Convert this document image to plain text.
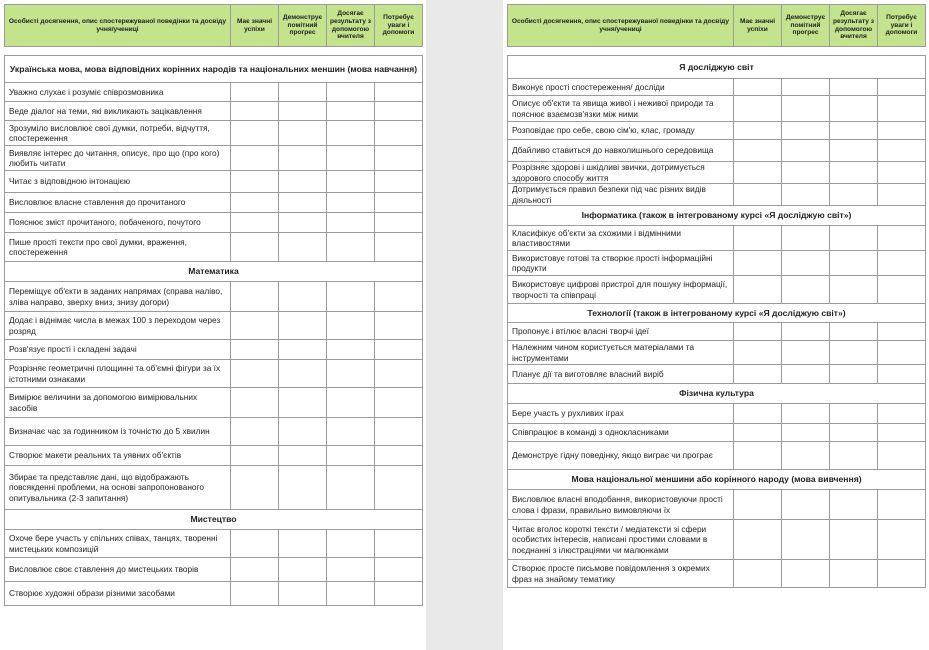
Особисті досягнення, опис спостережуваної поведінки та досвіду учня/учениці	Має значні успіхи	Демонструє помітний прогрес	Досягає результату з допомогою вчителя	Потребує уваги і допомоги
Українська мова, мова відповідних корінних народів та національних меншин (мова навчання)				
Уважно слухає і розуміє співрозмовника				
Веде діалог на теми, які викликають зацікавлення				
Зрозуміло висловлює свої думки, потреби, відчуття, спостереження				
Виявляє інтерес до читання, описує, про що (про кого) любить читати				
Читає з відповідною інтонацією				
Висловлює власне ставлення до прочитаного				
Пояснює зміст прочитаного, побаченого, почутого				
Пише прості тексти про свої думки, враження, спостереження				
Математика				
Переміщує об'єкти в заданих напрямах (справа наліво, зліва направо, зверху вниз, знизу догори)				
Додає і віднімає числа в межах 100 з переходом через розряд				
Розв'язує прості і складені задачі				
Розрізняє геометричні площинні та об'ємні фігури за їх істотними ознаками				
Вимірює величини за допомогою вимірювальних засобів				
Визначає час за годинником із точністю до 5 хвилин				
Створює макети реальних та уявних об'єктів				
Збирає та представляє дані, що відображають повсякденні проблеми, на основі запропонованого опитувальника (2-3 запитання)				
Мистецтво				
Охоче бере участь у спільних співах, танцях, творенні мистецьких композицій				
Висловлює своє ставлення до мистецьких творів				
Створює художні образи різними засобами				
Особисті досягнення, опис спостережуваної поведінки та досвіду учня/учениці	Має значні успіхи	Демонструє помітний прогрес	Досягає результату з допомогою вчителя	Потребує уваги і допомоги
Я досліджую світ				
Виконує прості спостереження/ досліди				
Описує об'єкти та явища живої і неживої природи та пояснює взаємозв'язки між ними				
Розповідає про себе, свою сім'ю, клас, громаду				
Дбайливо ставиться до навколишнього середовища				
Розрізняє здорові і шкідливі звички, дотримується здорового способу життя				
Дотримується правил безпеки під час різних видів діяльності				
Інформатика (також в інтегрованому курсі «Я досліджую світ»)				
Класифікує об'єкти за схожими і відмінними властивостями				
Використовує готові та створює прості інформаційні продукти				
Використовує цифрові пристрої для пошуку інформації, творчості та співпраці				
Технології (також в інтегрованому курсі «Я досліджую світ»)				
Пропонує і втілює власні творчі ідеї				
Належним чином користується матеріалами та інструментами				
Планує дії та виготовляє власний виріб				
Фізична культура				
Бере участь у рухливих іграх				
Співпрацює в команді з однокласниками				
Демонструє гідну поведінку, якщо виграє чи програє				
Мова національної меншини або корінного народу (мова вивчення)				
Висловлює власні вподобання, використовуючи прості слова і фрази, правильно вимовляючи їх				
Читає вголос короткі тексти / медіатексти зі сфери особистих інтересів, написані простими словами в поєднанні з ілюстраціями чи малюнками				
Створює просте письмове повідомлення з окремих фраз на знайому тематику				
